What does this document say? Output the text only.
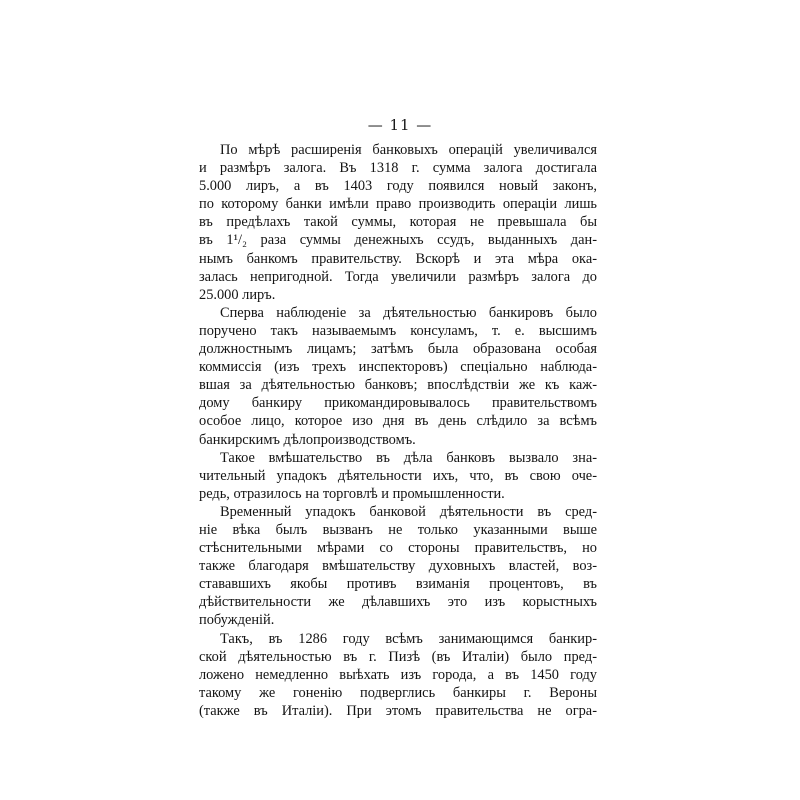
— 11 —
По мѣрѣ расширенія банковыхъ операцій увеличивался
и размѣръ залога. Въ 1318 г. сумма залога достигала
5.000 лиръ, а въ 1403 году появился новый законъ,
по которому банки имѣли право производить операціи лишь
въ предѣлахъ такой суммы, которая не превышала бы
въ 1¹/₂ раза суммы денежныхъ ссудъ, выданныхъ дан-
нымъ банкомъ правительству. Вскорѣ и эта мѣра ока-
залась непригодной. Тогда увеличили размѣръ залога до
25.000 лиръ.
Сперва наблюденіе за дѣятельностью банкировъ было
поручено такъ называемымъ консуламъ, т. е. высшимъ
должностнымъ лицамъ; затѣмъ была образована особая
коммиссія (изъ трехъ инспекторовъ) спеціально наблюда-
вшая за дѣятельностью банковъ; впослѣдствіи же къ каж-
дому банкиру прикомандировывалось правительствомъ
особое лицо, которое изо дня въ день слѣдило за всѣмъ
банкирскимъ дѣлопроизводствомъ.
Такое вмѣшательство въ дѣла банковъ вызвало зна-
чительный упадокъ дѣятельности ихъ, что, въ свою оче-
редь, отразилось на торговлѣ и промышленности.
Временный упадокъ банковой дѣятельности въ сред-
ніе вѣка былъ вызванъ не только указанными выше
стѣснительными мѣрами со стороны правительствъ, но
также благодаря вмѣшательству духовныхъ властей, воз-
стававшихъ якобы противъ взиманія процентовъ, въ
дѣйствительности же дѣлавшихъ это изъ корыстныхъ
побужденій.
Такъ, въ 1286 году всѣмъ занимающимся банкир-
ской дѣятельностью въ г. Пизѣ (въ Италіи) было пред-
ложено немедленно выѣхать изъ города, а въ 1450 году
такому же гоненію подверглись банкиры г. Вероны
(также въ Италіи). При этомъ правительства не огра-
